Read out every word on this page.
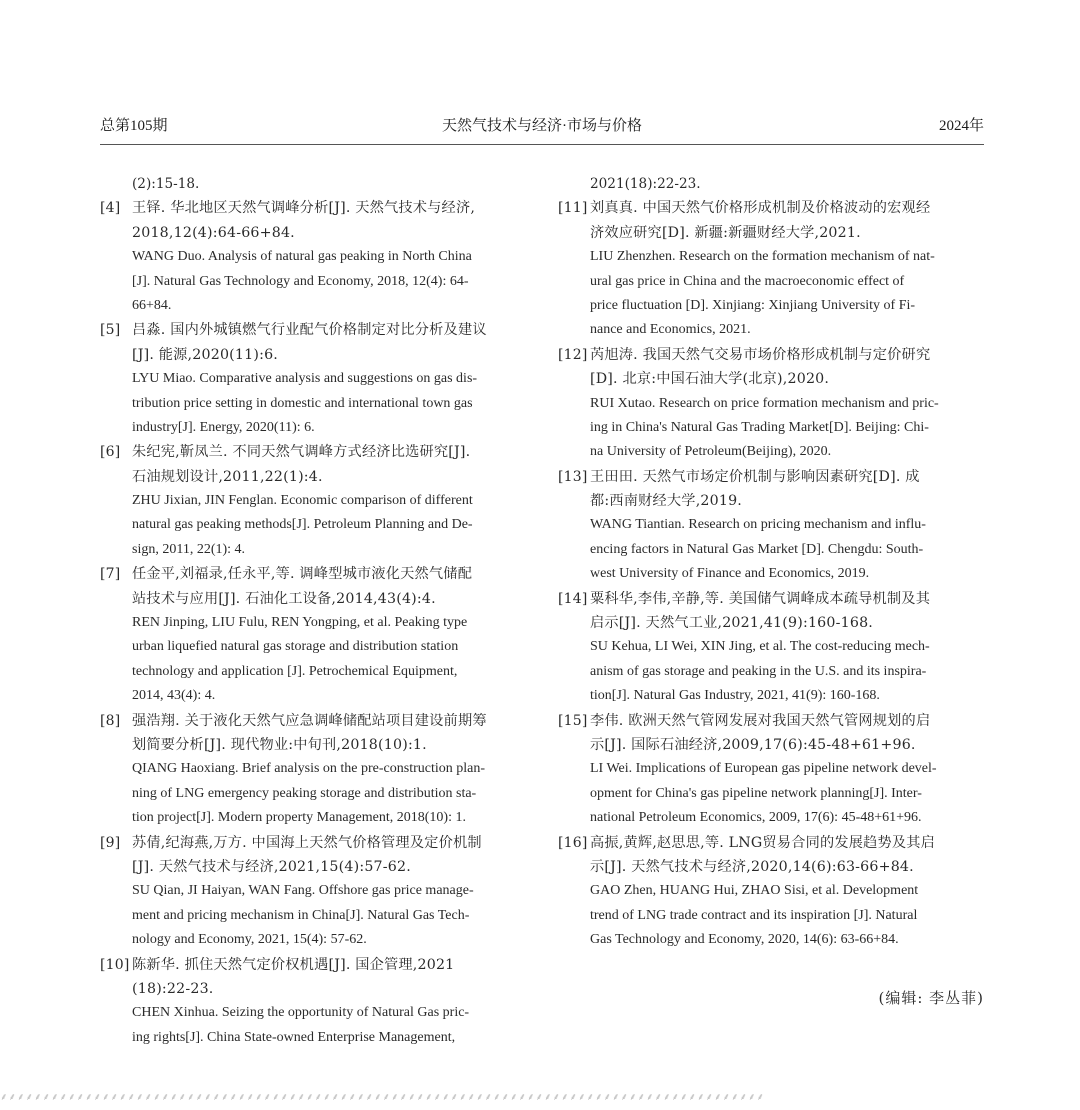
总第105期	天然气技术与经济·市场与价格	2024年
(2):15-18.
[4] 王铎. 华北地区天然气调峰分析[J]. 天然气技术与经济,
2018,12(4):64-66+84.
WANG Duo. Analysis of natural gas peaking in North China
[J]. Natural Gas Technology and Economy, 2018, 12(4): 64-
66+84.
[5] 吕淼. 国内外城镇燃气行业配气价格制定对比分析及建议
[J]. 能源,2020(11):6.
LYU Miao. Comparative analysis and suggestions on gas dis-
tribution price setting in domestic and international town gas
industry[J]. Energy, 2020(11): 6.
[6] 朱纪宪,靳凤兰. 不同天然气调峰方式经济比选研究[J].
石油规划设计,2011,22(1):4.
ZHU Jixian, JIN Fenglan. Economic comparison of different
natural gas peaking methods[J]. Petroleum Planning and De-
sign, 2011, 22(1): 4.
[7] 任金平,刘福录,任永平,等. 调峰型城市液化天然气储配
站技术与应用[J]. 石油化工设备,2014,43(4):4.
REN Jinping, LIU Fulu, REN Yongping, et al. Peaking type
urban liquefied natural gas storage and distribution station
technology and application [J]. Petrochemical Equipment,
2014, 43(4): 4.
[8] 强浩翔. 关于液化天然气应急调峰储配站项目建设前期筹
划简要分析[J]. 现代物业:中旬刊,2018(10):1.
QIANG Haoxiang. Brief analysis on the pre-construction plan-
ning of LNG emergency peaking storage and distribution sta-
tion project[J]. Modern property Management, 2018(10): 1.
[9] 苏倩,纪海燕,万方. 中国海上天然气价格管理及定价机制
[J]. 天然气技术与经济,2021,15(4):57-62.
SU Qian, JI Haiyan, WAN Fang. Offshore gas price manage-
ment and pricing mechanism in China[J]. Natural Gas Tech-
nology and Economy, 2021, 15(4): 57-62.
[10] 陈新华. 抓住天然气定价权机遇[J]. 国企管理,2021
(18):22-23.
CHEN Xinhua. Seizing the opportunity of Natural Gas pric-
ing rights[J]. China State-owned Enterprise Management,
2021(18):22-23.
[11] 刘真真. 中国天然气价格形成机制及价格波动的宏观经
济效应研究[D]. 新疆:新疆财经大学,2021.
LIU Zhenzhen. Research on the formation mechanism of nat-
ural gas price in China and the macroeconomic effect of
price fluctuation [D]. Xinjiang: Xinjiang University of Fi-
nance and Economics, 2021.
[12] 芮旭涛. 我国天然气交易市场价格形成机制与定价研究
[D]. 北京:中国石油大学(北京),2020.
RUI Xutao. Research on price formation mechanism and pric-
ing in China's Natural Gas Trading Market[D]. Beijing: Chi-
na University of Petroleum(Beijing), 2020.
[13] 王田田. 天然气市场定价机制与影响因素研究[D]. 成
都:西南财经大学,2019.
WANG Tiantian. Research on pricing mechanism and influ-
encing factors in Natural Gas Market [D]. Chengdu: South-
west University of Finance and Economics, 2019.
[14] 粟科华,李伟,辛静,等. 美国储气调峰成本疏导机制及其
启示[J]. 天然气工业,2021,41(9):160-168.
SU Kehua, LI Wei, XIN Jing, et al. The cost-reducing mech-
anism of gas storage and peaking in the U.S. and its inspira-
tion[J]. Natural Gas Industry, 2021, 41(9): 160-168.
[15] 李伟. 欧洲天然气管网发展对我国天然气管网规划的启
示[J]. 国际石油经济,2009,17(6):45-48+61+96.
LI Wei. Implications of European gas pipeline network devel-
opment for China's gas pipeline network planning[J]. Inter-
national Petroleum Economics, 2009, 17(6): 45-48+61+96.
[16] 高振,黄辉,赵思思,等. LNG贸易合同的发展趋势及其启
示[J]. 天然气技术与经济,2020,14(6):63-66+84.
GAO Zhen, HUANG Hui, ZHAO Sisi, et al. Development
trend of LNG trade contract and its inspiration [J]. Natural
Gas Technology and Economy, 2020, 14(6): 63-66+84.
(编辑: 李丛菲)
⸙⸙⸙⸙⸙⸙⸙⸙⸙⸙⸙⸙⸙⸙⸙⸙⸙⸙⸙⸙⸙⸙⸙⸙⸙⸙⸙⸙⸙⸙⸙⸙⸙⸙⸙⸙⸙⸙⸙⸙⸙⸙⸙⸙⸙⸙⸙⸙⸙⸙⸙⸙⸙⸙⸙⸙⸙⸙⸙⸙⸙⸙⸙⸙⸙⸙⸙⸙⸙⸙⸙⸙⸙⸙⸙⸙⸙⸙⸙⸙⸙⸙⸙⸙⸙⸙⸙⸙⸙⸙
